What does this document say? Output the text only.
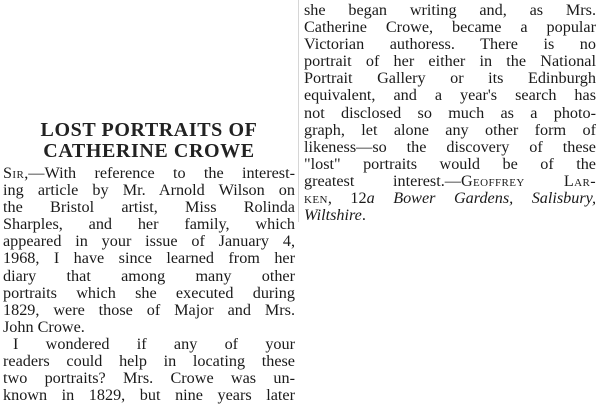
LOST PORTRAITS OF
CATHERINE CROWE
Sir,—With reference to the interest-
ing article by Mr. Arnold Wilson on
the Bristol artist, Miss Rolinda
Sharples, and her family, which
appeared in your issue of January 4,
1968, I have since learned from her
diary that among many other
portraits which she executed during
1829, were those of Major and Mrs.
John Crowe.
I wondered if any of your
readers could help in locating these
two portraits? Mrs. Crowe was un-
known in 1829, but nine years later
she began writing and, as Mrs.
Catherine Crowe, became a popular
Victorian authoress. There is no
portrait of her either in the National
Portrait Gallery or its Edinburgh
equivalent, and a year's search has
not disclosed so much as a photo-
graph, let alone any other form of
likeness—so the discovery of these
"lost" portraits would be of the
greatest interest.—Geoffrey Lar-
ken, 12a Bower Gardens, Salisbury,
Wiltshire.
